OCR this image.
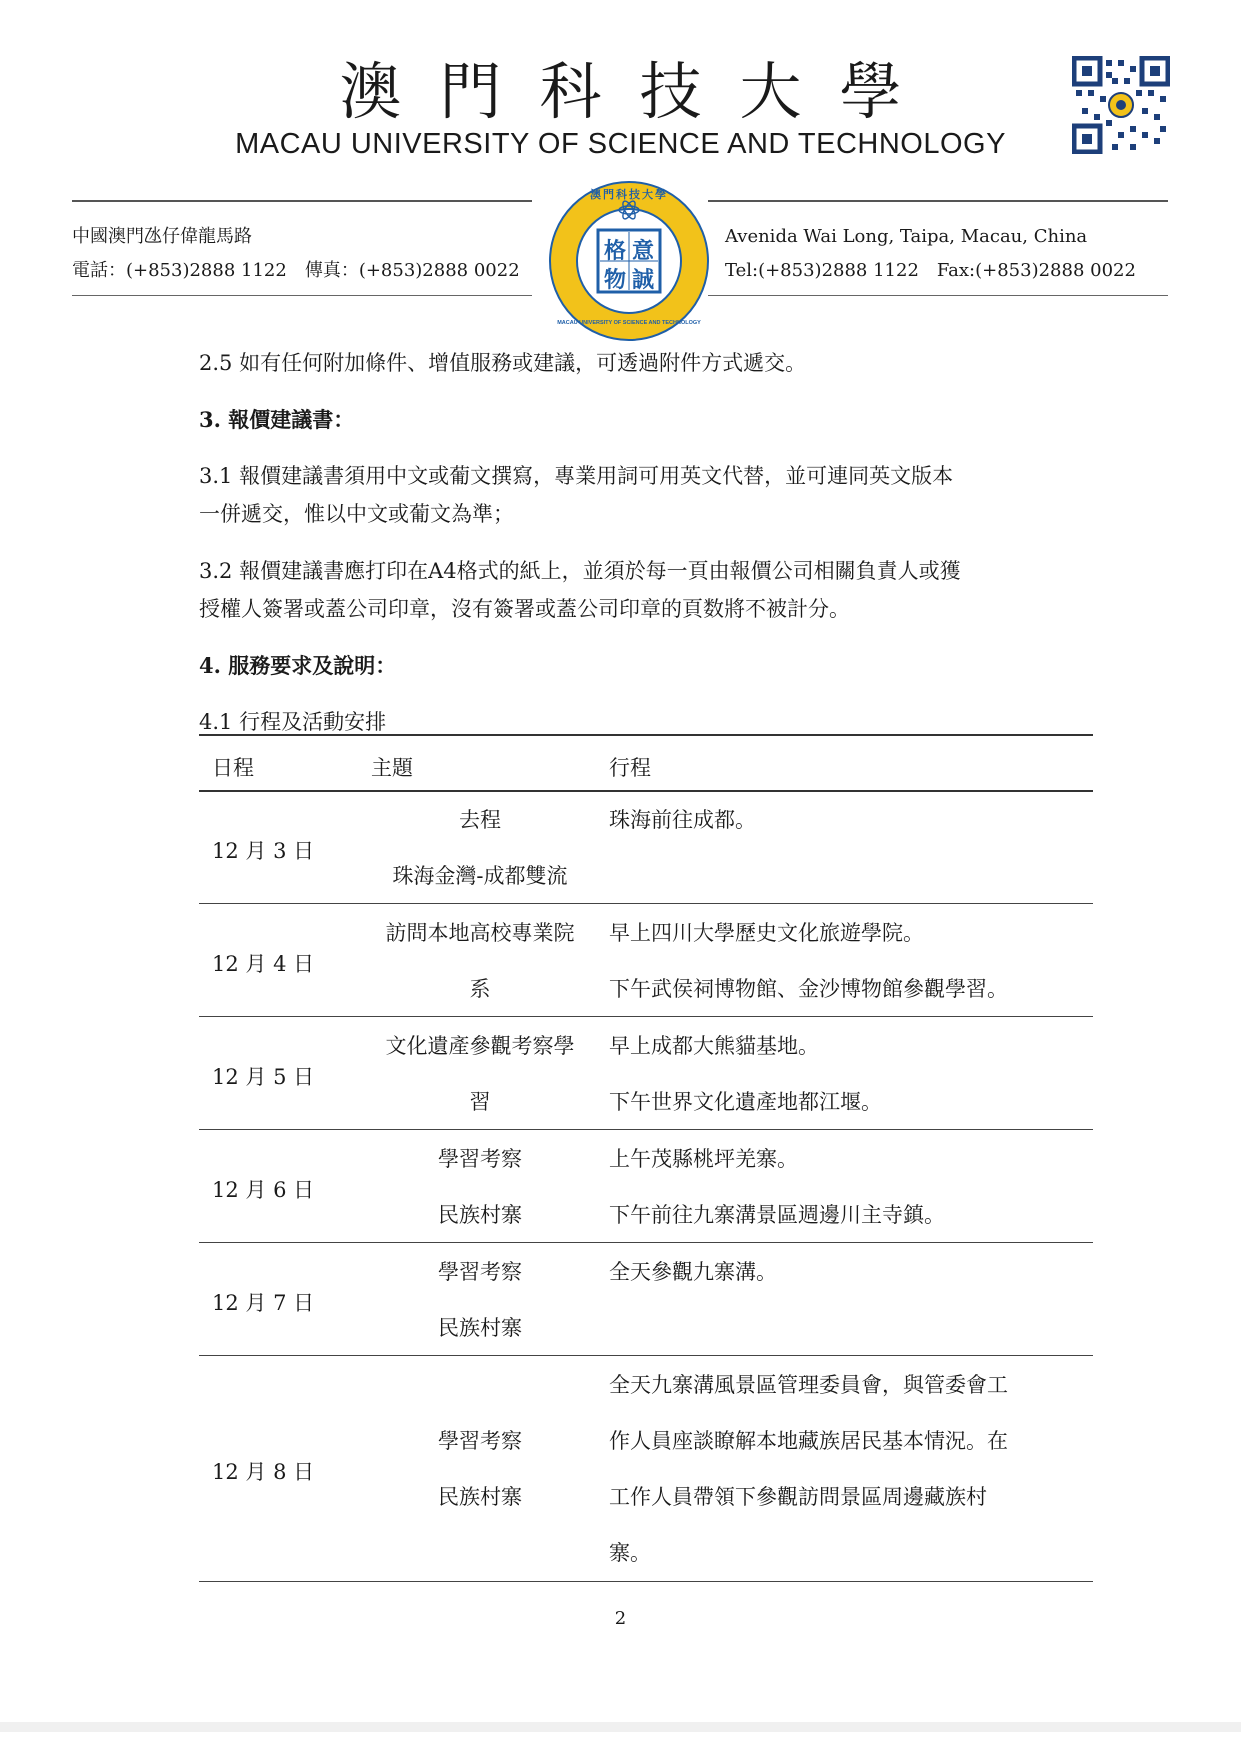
澳門科技大學
MACAU UNIVERSITY OF SCIENCE AND TECHNOLOGY
中國澳門氹仔偉龍馬路
電話：(+853)2888 1122　傳真：(+853)2888 0022
Avenida Wai Long, Taipa, Macau, China
Tel:(+853)2888 1122　Fax:(+853)2888 0022
格 意
物 誠
澳門科技大學
MACAU UNIVERSITY OF SCIENCE AND TECHNOLOGY
2.5 如有任何附加條件、增值服務或建議，可透過附件方式遞交。
3. 報價建議書：
3.1 報價建議書須用中文或葡文撰寫，專業用詞可用英文代替，並可連同英文版本
一併遞交，惟以中文或葡文為準；
3.2 報價建議書應打印在A4格式的紙上，並須於每一頁由報價公司相關負責人或獲
授權人簽署或蓋公司印章，沒有簽署或蓋公司印章的頁数將不被計分。
4. 服務要求及說明：
4.1 行程及活動安排
日程	主題	行程
12 月 3 日
去程
珠海金灣-成都雙流
珠海前往成都。
12 月 4 日
訪問本地高校專業院
系
早上四川大學歷史文化旅遊學院。
下午武侯祠博物館、金沙博物館參觀學習。
12 月 5 日
文化遺產參觀考察學
習
早上成都大熊貓基地。
下午世界文化遺產地都江堰。
12 月 6 日
學習考察
民族村寨
上午茂縣桃坪羌寨。
下午前往九寨溝景區週邊川主寺鎮。
12 月 7 日
學習考察
民族村寨
全天參觀九寨溝。
12 月 8 日
學習考察
民族村寨
全天九寨溝風景區管理委員會，與管委會工
作人員座談瞭解本地藏族居民基本情況。在
工作人員帶領下參觀訪問景區周邊藏族村
寨。
2
